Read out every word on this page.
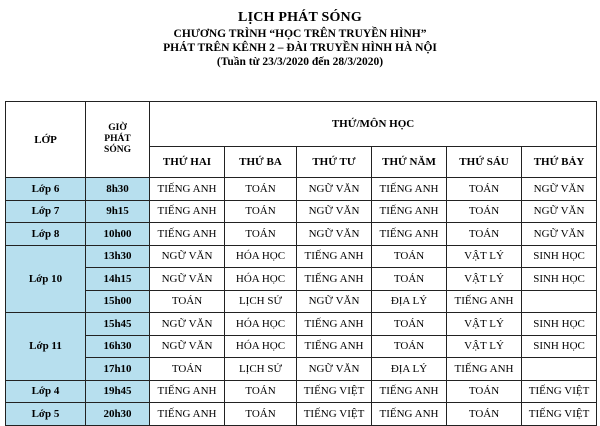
LỊCH PHÁT SÓNG
CHƯƠNG TRÌNH “HỌC TRÊN TRUYỀN HÌNH”
PHÁT TRÊN KÊNH 2 – ĐÀI TRUYỀN HÌNH HÀ NỘI
(Tuần từ 23/3/2020 đến 28/3/2020)
LỚP	GIỜ PHÁT SÓNG	THỨ/MÔN HỌC					
		THỨ HAI	THỨ BA	THỨ TƯ	THỨ NĂM	THỨ SÁU	THỨ BẢY
Lớp 6	8h30	TIẾNG ANH	TOÁN	NGỮ VĂN	TIẾNG ANH	TOÁN	NGỮ VĂN
Lớp 7	9h15	TIẾNG ANH	TOÁN	NGỮ VĂN	TIẾNG ANH	TOÁN	NGỮ VĂN
Lớp 8	10h00	TIẾNG ANH	TOÁN	NGỮ VĂN	TIẾNG ANH	TOÁN	NGỮ VĂN
Lớp 10	13h30	NGỮ VĂN	HÓA HỌC	TIẾNG ANH	TOÁN	VẬT LÝ	SINH HỌC
	14h15	NGỮ VĂN	HÓA HỌC	TIẾNG ANH	TOÁN	VẬT LÝ	SINH HỌC
	15h00	TOÁN	LỊCH SỬ	NGỮ VĂN	ĐỊA LÝ	TIẾNG ANH	
Lớp 11	15h45	NGỮ VĂN	HÓA HỌC	TIẾNG ANH	TOÁN	VẬT LÝ	SINH HỌC
	16h30	NGỮ VĂN	HÓA HỌC	TIẾNG ANH	TOÁN	VẬT LÝ	SINH HỌC
	17h10	TOÁN	LỊCH SỬ	NGỮ VĂN	ĐỊA LÝ	TIẾNG ANH	
Lớp 4	19h45	TIẾNG ANH	TOÁN	TIẾNG VIỆT	TIẾNG ANH	TOÁN	TIẾNG VIỆT
Lớp 5	20h30	TIẾNG ANH	TOÁN	TIẾNG VIỆT	TIẾNG ANH	TOÁN	TIẾNG VIỆT
